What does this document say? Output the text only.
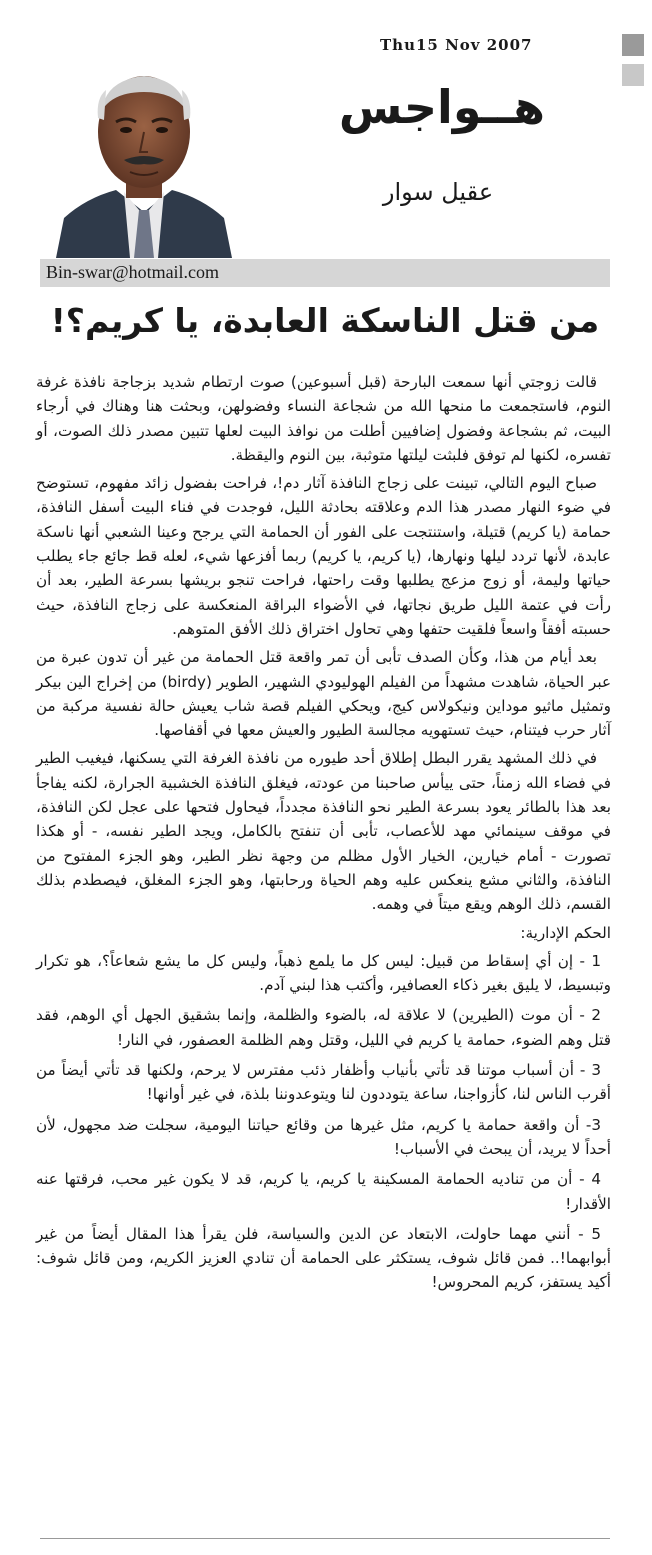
Thu15 Nov 2007
هــواجس
عقيل سوار
Bin-swar@hotmail.com
من قتل الناسكة العابدة، يا كريم؟!

قالت زوجتي أنها سمعت البارحة (قبل أسبوعين) صوت ارتطام شديد بزجاجة نافذة غرفة النوم، فاستجمعت ما منحها الله من شجاعة النساء وفضولهن، وبحثت هنا وهناك في أرجاء البيت، ثم بشجاعة وفضول إضافيين أطلت من نوافذ البيت لعلها تتبين مصدر ذلك الصوت، أو تفسره، لكنها لم توفق فلبثت ليلتها متوثبة، بين النوم واليقظة.

صباح اليوم التالي، تبينت على زجاج النافذة آثار دم!، فراحت بفضول زائد مفهوم، تستوضح في ضوء النهار مصدر هذا الدم وعلاقته بحادثة الليل، فوجدت في فناء البيت أسفل النافذة، حمامة (يا كريم) قتيلة، واستنتجت على الفور أن الحمامة التي يرجح وعينا الشعبي أنها ناسكة عابدة، لأنها تردد ليلها ونهارها، (يا كريم، يا كريم) ربما أفزعها شيء، لعله قط جائع جاء يطلب حياتها وليمة، أو زوج مزعج يطلبها وقت راحتها، فراحت تنجو بريشها بسرعة الطير، بعد أن رأت في عتمة الليل طريق نجاتها، في الأضواء البراقة المنعكسة على زجاج النافذة، حيث حسبته أفقاً واسعاً فلقيت حتفها وهي تحاول اختراق ذلك الأفق المتوهم.

بعد أيام من هذا، وكأن الصدف تأبى أن تمر واقعة قتل الحمامة من غير أن تدون عبرة من عبر الحياة، شاهدت مشهداً من الفيلم الهوليودي الشهير، الطوير (birdy) من إخراج الين بيكر وتمثيل ماثيو موداين ونيكولاس كيج، ويحكي الفيلم قصة شاب يعيش حالة نفسية مركبة من آثار حرب فيتنام، حيث تستهويه مجالسة الطيور والعيش معها في أقفاصها.

في ذلك المشهد يقرر البطل إطلاق أحد طيوره من نافذة الغرفة التي يسكنها، فيغيب الطير في فضاء الله زمناً، حتى ييأس صاحبنا من عودته، فيغلق النافذة الخشبية الجرارة، لكنه يفاجأ بعد هذا بالطائر يعود بسرعة الطير نحو النافذة مجدداً، فيحاول فتحها على عجل لكن النافذة، في موقف سينمائي مهد للأعصاب، تأبى أن تنفتح بالكامل، ويجد الطير نفسه، - أو هكذا تصورت - أمام خيارين، الخيار الأول مظلم من وجهة نظر الطير، وهو الجزء المفتوح من النافذة، والثاني مشع ينعكس عليه وهم الحياة ورحابتها، وهو الجزء المغلق، فيصطدم بذلك القسم، ذلك الوهم ويقع ميتاً في وهمه.

الحكم الإدارية:

1 - إن أي إسقاط من قبيل: ليس كل ما يلمع ذهباً، وليس كل ما يشع شعاعاً؟، هو تكرار وتبسيط، لا يليق بغير ذكاء العصافير، وأكتب هذا لبني آدم.

2 - أن موت (الطيرين) لا علاقة له، بالضوء والظلمة، وإنما بشقيق الجهل أي الوهم، فقد قتل وهم الضوء، حمامة يا كريم في الليل، وقتل وهم الظلمة العصفور، في النار!

3 - أن أسباب موتنا قد تأتي بأنياب وأظفار ذئب مفترس لا يرحم، ولكنها قد تأتي أيضاً من أقرب الناس لنا، كأزواجنا، ساعة يتوددون لنا ويتوعدوننا بلذة، في غير أوانها!

3- أن واقعة حمامة يا كريم، مثل غيرها من وقائع حياتنا اليومية، سجلت ضد مجهول، لأن أحداً لا يريد، أن يبحث في الأسباب!

4 - أن من تناديه الحمامة المسكينة يا كريم، يا كريم، قد لا يكون غير محب، فرقتها عنه الأقدار!

5 - أنني مهما حاولت، الابتعاد عن الدين والسياسة، فلن يقرأ هذا المقال أيضاً من غير أبوابهما!.. فمن قائل شوف، يستكثر على الحمامة أن تنادي العزيز الكريم، ومن قائل شوف: أكيد يستفز، كريم المحروس!
